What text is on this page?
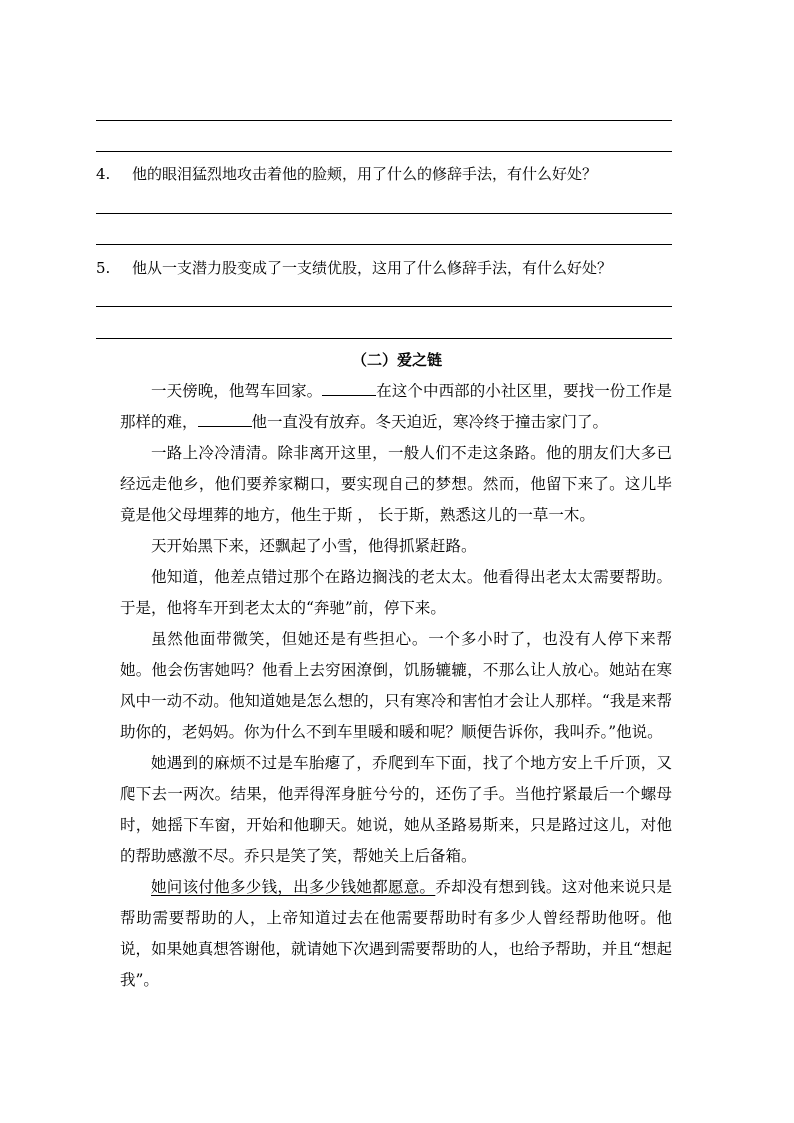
4. 他的眼泪猛烈地攻击着他的脸颊，用了什么的修辞手法，有什么好处？
5. 他从一支潜力股变成了一支绩优股，这用了什么修辞手法，有什么好处？
（二）爱之链

一天傍晚，他驾车回家。	在这个中西部的小社区里，要找一份工作是那样的难，	他一直没有放弃。冬天迫近，寒冷终于撞击家门了。

一路上冷冷清清。除非离开这里，一般人们不走这条路。他的朋友们大多已经远走他乡，他们要养家糊口，要实现自己的梦想。然而，他留下来了。这儿毕竟是他父母埋葬的地方，他生于斯 ， 长于斯，熟悉这儿的一草一木。

天开始黑下来，还飘起了小雪，他得抓紧赶路。

他知道，他差点错过那个在路边搁浅的老太太。他看得出老太太需要帮助。于是，他将车开到老太太的“奔驰”前，停下来。

虽然他面带微笑，但她还是有些担心。一个多小时了，也没有人停下来帮她。他会伤害她吗？他看上去穷困潦倒，饥肠辘辘，不那么让人放心。她站在寒风中一动不动。他知道她是怎么想的，只有寒冷和害怕才会让人那样。“我是来帮助你的，老妈妈。你为什么不到车里暖和暖和呢？顺便告诉你，我叫乔。”他说。

她遇到的麻烦不过是车胎瘪了，乔爬到车下面，找了个地方安上千斤顶，又爬下去一两次。结果，他弄得浑身脏兮兮的，还伤了手。当他拧紧最后一个螺母时，她摇下车窗，开始和他聊天。她说，她从圣路易斯来，只是路过这儿，对他的帮助感激不尽。乔只是笑了笑，帮她关上后备箱。

她问该付他多少钱，出多少钱她都愿意。乔却没有想到钱。这对他来说只是帮助需要帮助的人，上帝知道过去在他需要帮助时有多少人曾经帮助他呀。他说，如果她真想答谢他，就请她下次遇到需要帮助的人，也给予帮助，并且“想起我”。
